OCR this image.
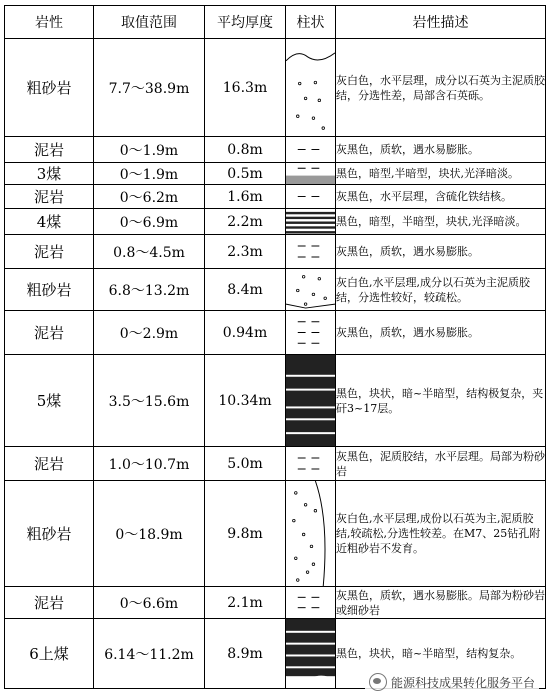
岩性	取值范围	平均厚度	柱状	岩性描述
粗砂岩	7.7～38.9m	16.3m		灰白色，水平层理，成分以石英为主泥质胶结，分选性差，局部含石英砾。
泥岩	0～1.9m	0.8m		灰黑色，质软，遇水易膨胀。
3煤	0～1.9m	0.5m		黑色，暗型,半暗型，块状,光泽暗淡。
泥岩	0～6.2m	1.6m		灰黑色，水平层理，含硫化铁结核。
4煤	0～6.9m	2.2m		黑色，暗型，半暗型，块状,光泽暗淡。
泥岩	0.8～4.5m	2.3m		灰黑色，质软，遇水易膨胀。
粗砂岩	6.8～13.2m	8.4m		灰白色,水平层理,成分以石英为主泥质胶结，分选性较好，较疏松。
泥岩	0～2.9m	0.94m		灰黑色，质软，遇水易膨胀。
5煤	3.5～15.6m	10.34m		黑色，块状，暗~半暗型，结构极复杂，夹矸3~17层。
泥岩	1.0～10.7m	5.0m		灰黑色，泥质胶结，水平层理。局部为粉砂岩
粗砂岩	0～18.9m	9.8m		灰白色,水平层理,成份以石英为主,泥质胶结,较疏松,分选性较差。在M7、25钻孔附近粗砂岩不发育。
泥岩	0～6.6m	2.1m		灰黑色，质软，遇水易膨胀。局部为粉砂岩或细砂岩
6上煤	6.14～11.2m	8.9m		黑色，块状，暗~半暗型，结构复杂。
能源科技成果转化服务平台
